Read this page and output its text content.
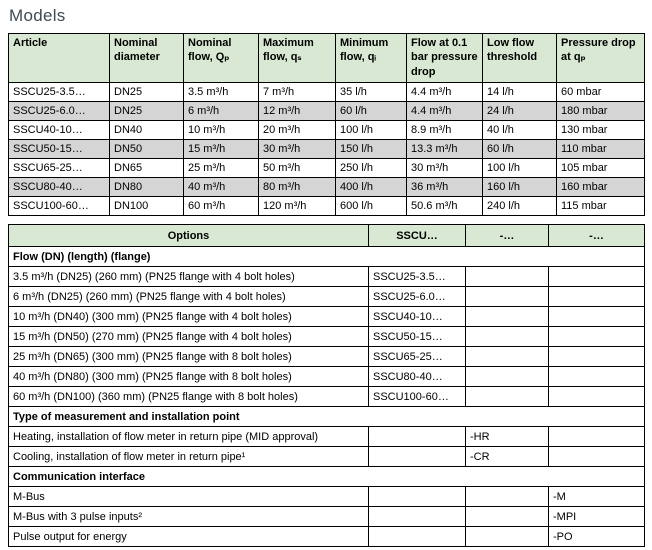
Models
Article	Nominal diameter	Nominal flow, Qₚ	Maximum flow, qₛ	Minimum flow, qᵢ	Flow at 0.1 bar pressure drop	Low flow threshold	Pressure drop at qₚ
SSCU25-3.5…	DN25	3.5 m³/h	7 m³/h	35 l/h	4.4 m³/h	14 l/h	60 mbar
SSCU25-6.0…	DN25	6 m³/h	12 m³/h	60 l/h	4.4 m³/h	24 l/h	180 mbar
SSCU40-10…	DN40	10 m³/h	20 m³/h	100 l/h	8.9 m³/h	40 l/h	130 mbar
SSCU50-15…	DN50	15 m³/h	30 m³/h	150 l/h	13.3 m³/h	60 l/h	110 mbar
SSCU65-25…	DN65	25 m³/h	50 m³/h	250 l/h	30 m³/h	100 l/h	105 mbar
SSCU80-40…	DN80	40 m³/h	80 m³/h	400 l/h	36 m³/h	160 l/h	160 mbar
SSCU100-60…	DN100	60 m³/h	120 m³/h	600 l/h	50.6 m³/h	240 l/h	115 mbar
Options	SSCU…	-…	-…
Flow (DN) (length) (flange)			
3.5 m³/h (DN25) (260 mm) (PN25 flange with 4 bolt holes)	SSCU25-3.5…		
6 m³/h (DN25) (260 mm) (PN25 flange with 4 bolt holes)	SSCU25-6.0…		
10 m³/h (DN40) (300 mm) (PN25 flange with 4 bolt holes)	SSCU40-10…		
15 m³/h (DN50) (270 mm) (PN25 flange with 4 bolt holes)	SSCU50-15…		
25 m³/h (DN65) (300 mm) (PN25 flange with 8 bolt holes)	SSCU65-25…		
40 m³/h (DN80) (300 mm) (PN25 flange with 8 bolt holes)	SSCU80-40…		
60 m³/h (DN100) (360 mm) (PN25 flange with 8 bolt holes)	SSCU100-60…		
Type of measurement and installation point			
Heating, installation of flow meter in return pipe (MID approval)		-HR	
Cooling, installation of flow meter in return pipe¹		-CR	
Communication interface			
M-Bus			-M
M-Bus with 3 pulse inputs²			-MPI
Pulse output for energy			-PO
